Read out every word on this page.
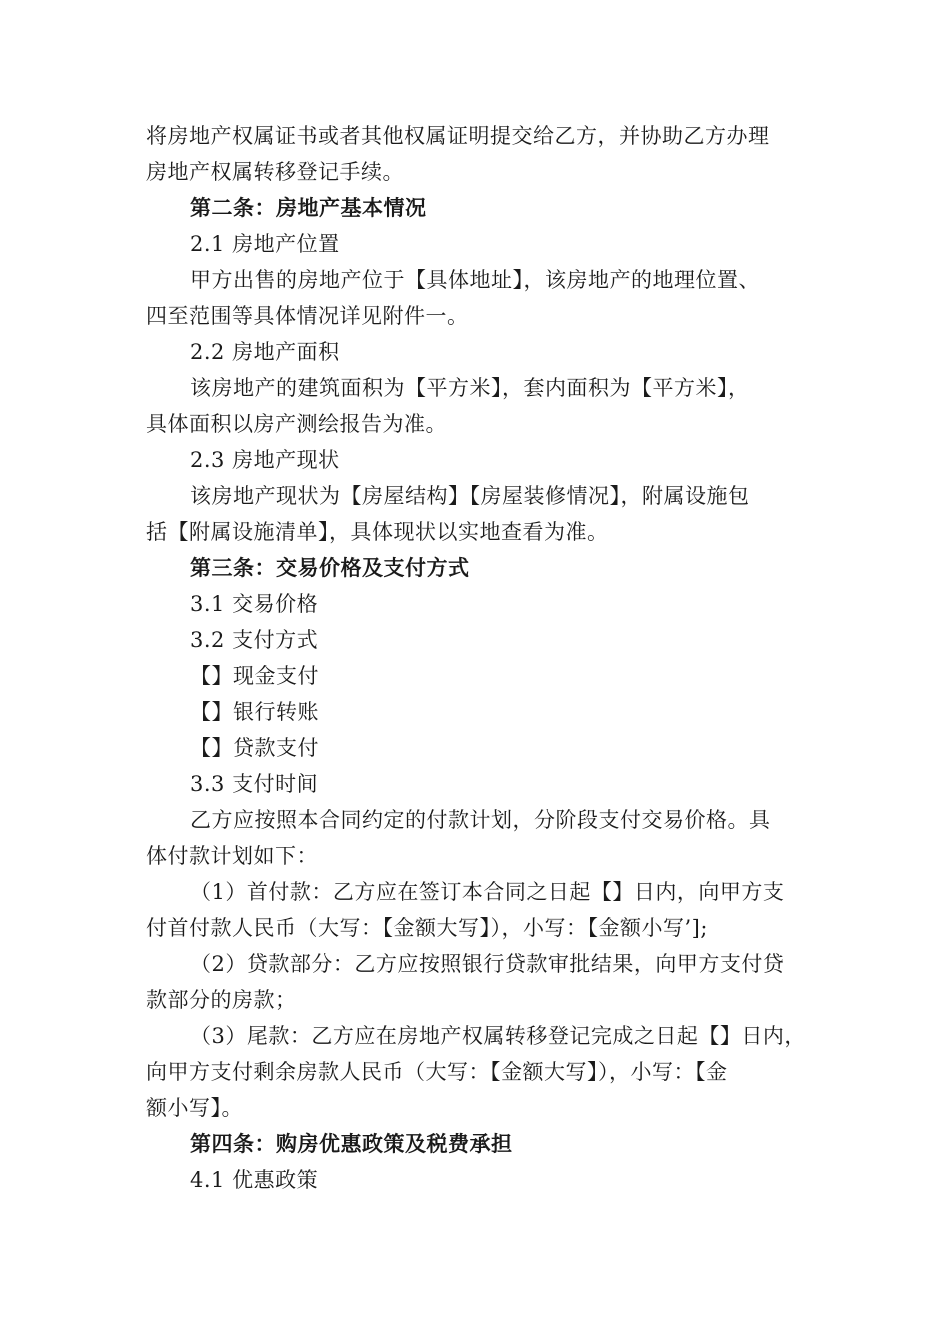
将房地产权属证书或者其他权属证明提交给乙方，并协助乙方办理
房地产权属转移登记手续。
第二条：房地产基本情况
2.1 房地产位置
甲方出售的房地产位于【具体地址】，该房地产的地理位置、
四至范围等具体情况详见附件一。
2.2 房地产面积
该房地产的建筑面积为【平方米】，套内面积为【平方米】，
具体面积以房产测绘报告为准。
2.3 房地产现状
该房地产现状为【房屋结构】【房屋装修情况】，附属设施包
括【附属设施清单】，具体现状以实地查看为准。
第三条：交易价格及支付方式
3.1 交易价格
3.2 支付方式
【】现金支付
【】银行转账
【】贷款支付
3.3 支付时间
乙方应按照本合同约定的付款计划，分阶段支付交易价格。具
体付款计划如下：
（1）首付款：乙方应在签订本合同之日起【】日内，向甲方支
付首付款人民币（大写：【金额大写】），小写：【金额小写’];
（2）贷款部分：乙方应按照银行贷款审批结果，向甲方支付贷
款部分的房款；
（3）尾款：乙方应在房地产权属转移登记完成之日起【】日内，
向甲方支付剩余房款人民币（大写：【金额大写】），小写：【金
额小写】。
第四条：购房优惠政策及税费承担
4.1 优惠政策
